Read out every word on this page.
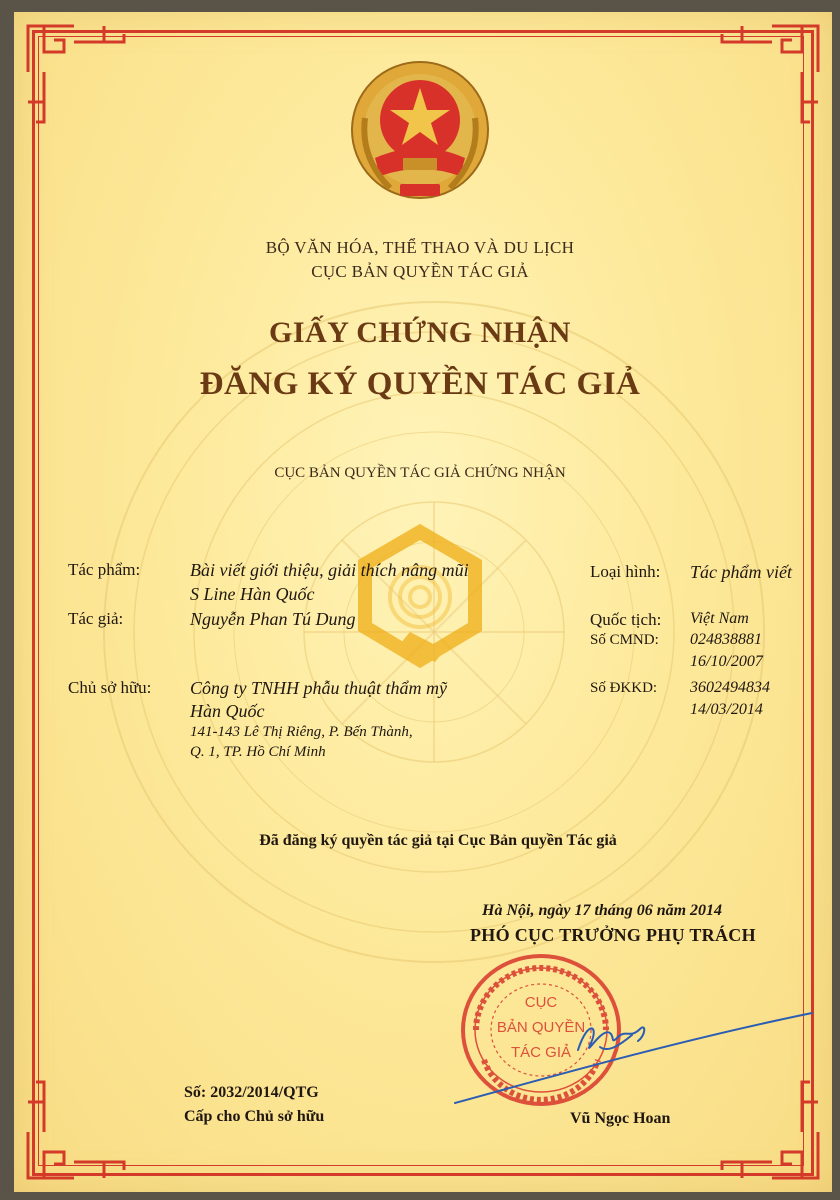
BỘ VĂN HÓA, THỂ THAO VÀ DU LỊCH

CỤC BẢN QUYỀN TÁC GIẢ

GIẤY CHỨNG NHẬN

ĐĂNG KÝ QUYỀN TÁC GIẢ

CỤC BẢN QUYỀN TÁC GIẢ CHỨNG NHẬN

Tác phẩm:	Bài viết giới thiệu, giải thích nâng mũi

S Line Hàn Quốc

Tác giả:	Nguyễn Phan Tú Dung

Chủ sở hữu: Công ty TNHH phẫu thuật thẩm mỹ

Hàn Quốc

141-143 Lê Thị Riêng, P. Bến Thành,

Q. 1, TP. Hồ Chí Minh

Loại hình: Tác phẩm viết

Quốc tịch: Việt Nam

Số CMND: 024838881

16/10/2007

Số ĐKKD: 3602494834

14/03/2014

Đã đăng ký quyền tác giả tại Cục Bản quyền Tác giả

Hà Nội, ngày 17 tháng 06 năm 2014

PHÓ CỤC TRƯỞNG PHỤ TRÁCH

CỤC
BẢN QUYỀN
TÁC GIẢ

Vũ Ngọc Hoan

Số: 2032/2014/QTG

Cấp cho Chủ sở hữu
